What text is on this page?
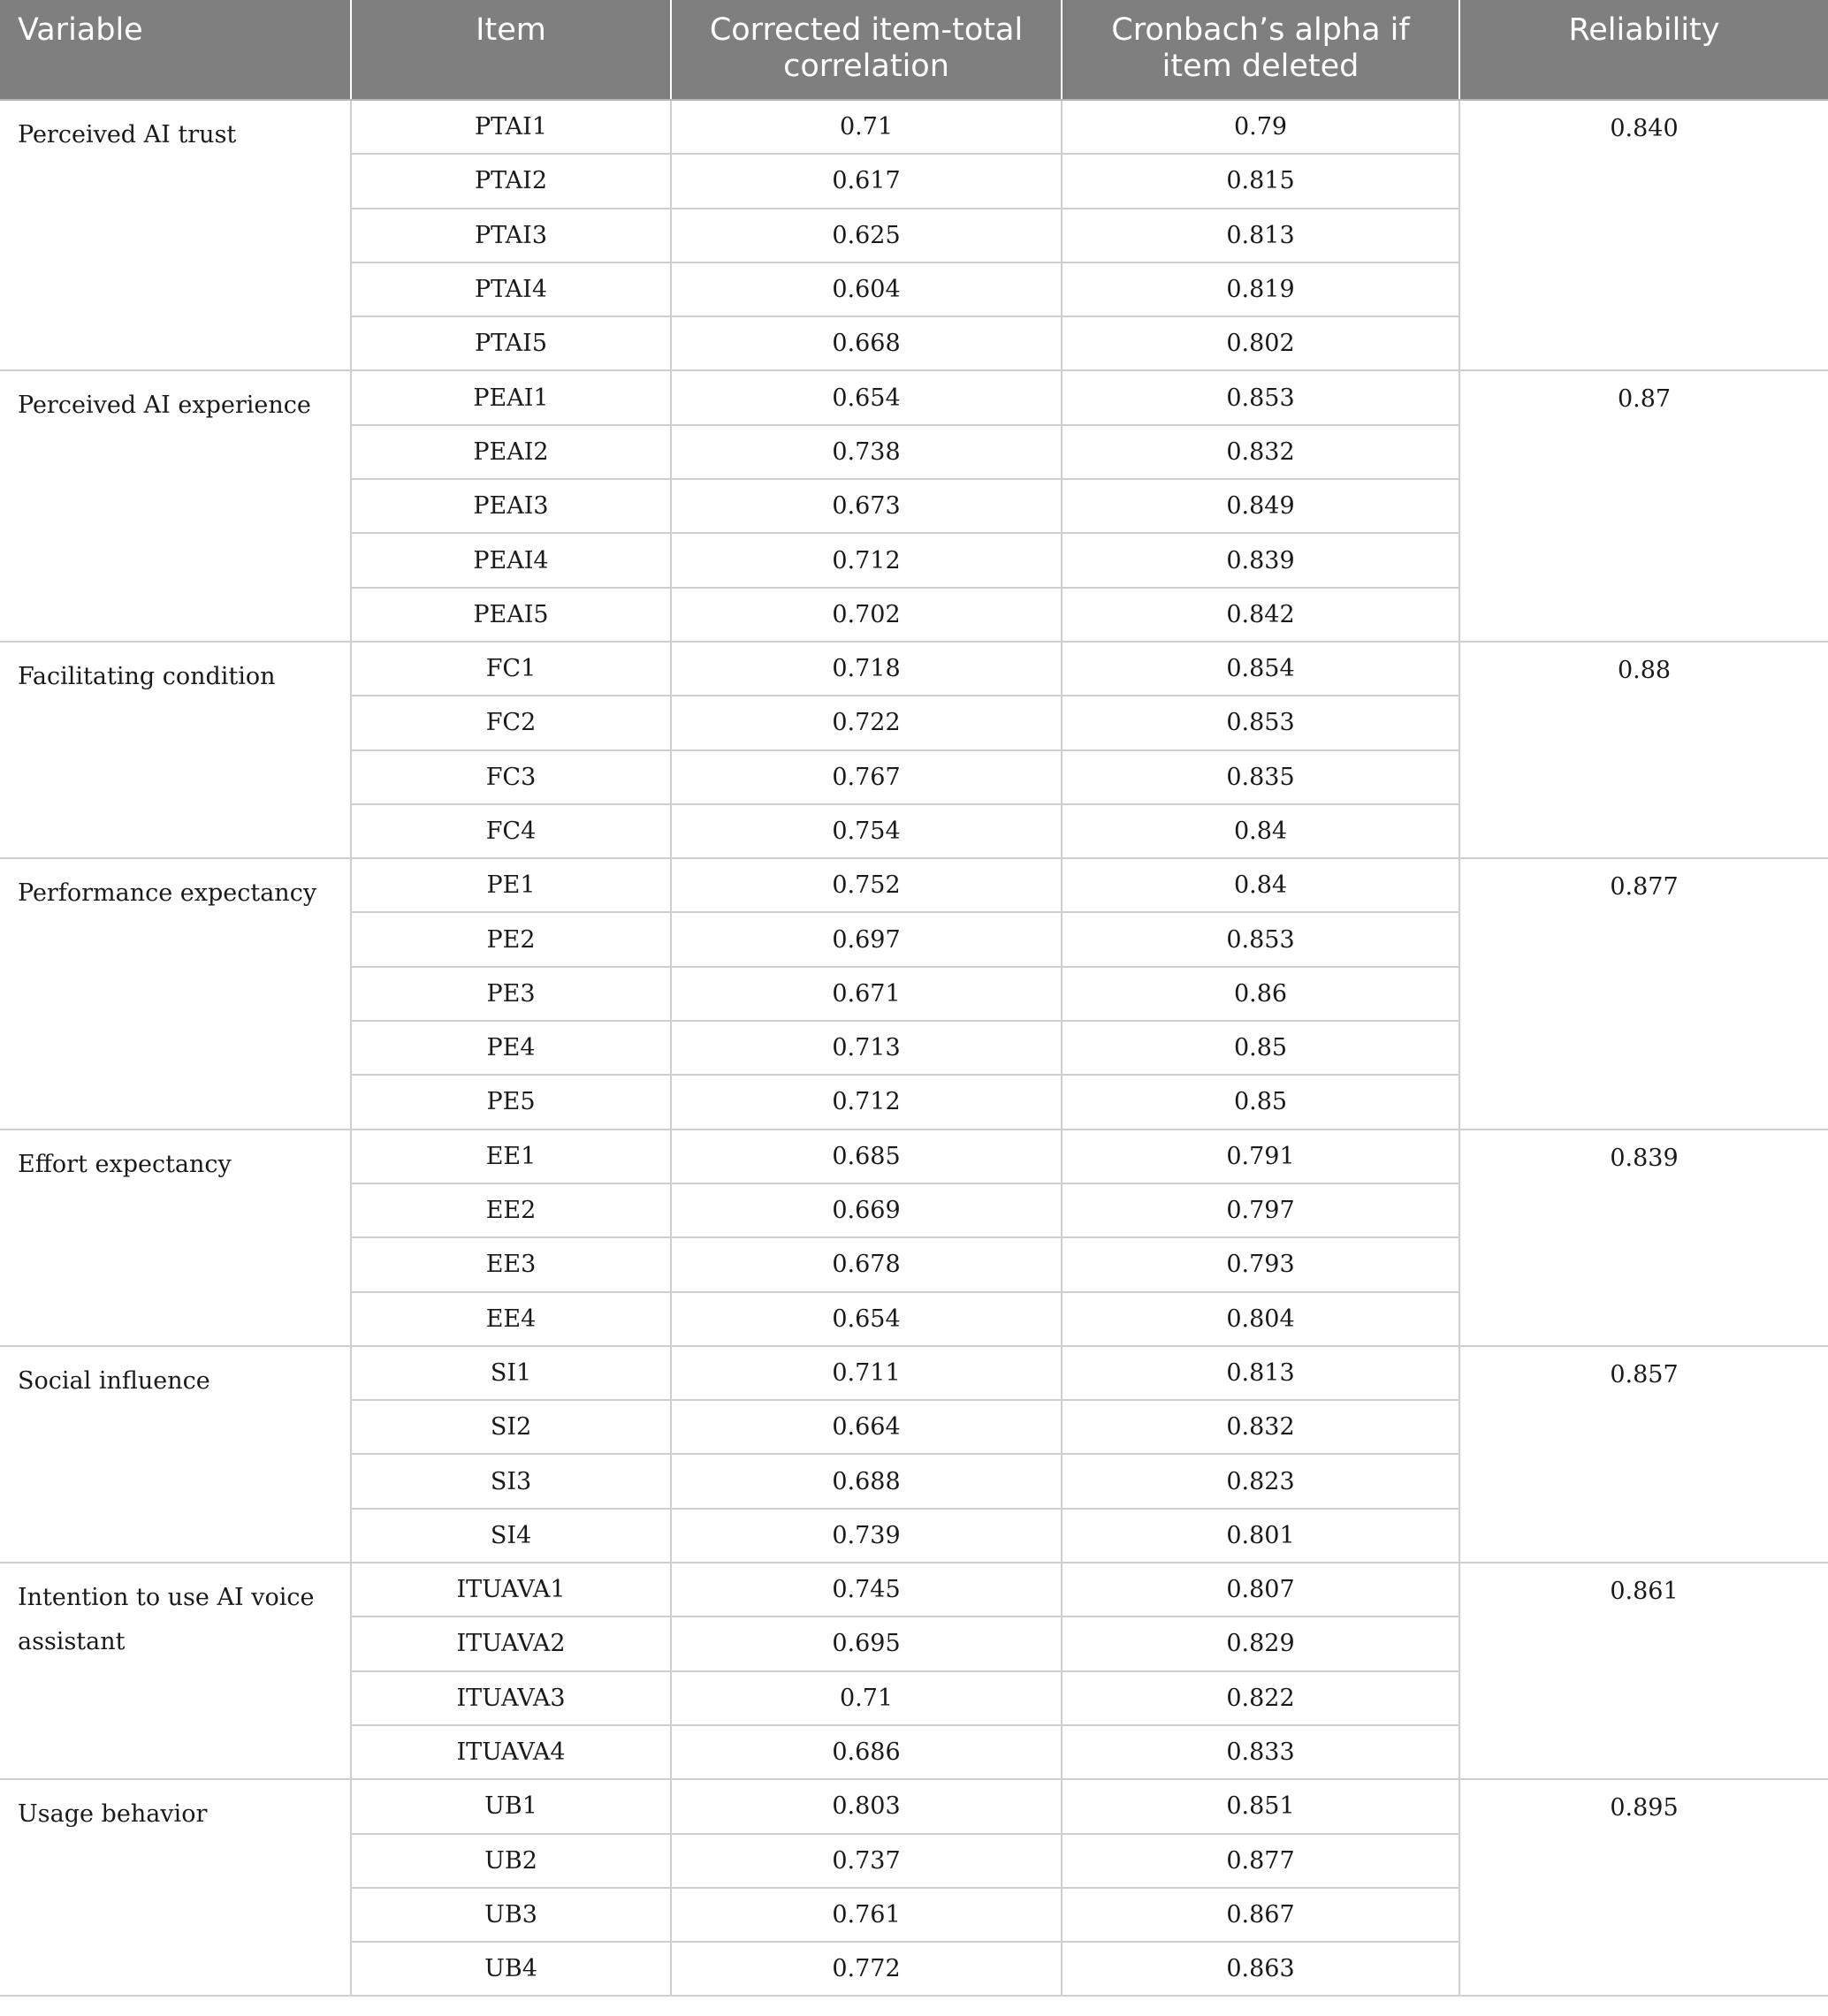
Variable	Item	Corrected item-total correlation	Cronbach’s alpha if item deleted	Reliability
Perceived AI trust	PTAI1	0.71	0.79	0.840
	PTAI2	0.617	0.815	
	PTAI3	0.625	0.813	
	PTAI4	0.604	0.819	
	PTAI5	0.668	0.802	
Perceived AI experience	PEAI1	0.654	0.853	0.87
	PEAI2	0.738	0.832	
	PEAI3	0.673	0.849	
	PEAI4	0.712	0.839	
	PEAI5	0.702	0.842	
Facilitating condition	FC1	0.718	0.854	0.88
	FC2	0.722	0.853	
	FC3	0.767	0.835	
	FC4	0.754	0.84	
Performance expectancy	PE1	0.752	0.84	0.877
	PE2	0.697	0.853	
	PE3	0.671	0.86	
	PE4	0.713	0.85	
	PE5	0.712	0.85	
Effort expectancy	EE1	0.685	0.791	0.839
	EE2	0.669	0.797	
	EE3	0.678	0.793	
	EE4	0.654	0.804	
Social influence	SI1	0.711	0.813	0.857
	SI2	0.664	0.832	
	SI3	0.688	0.823	
	SI4	0.739	0.801	
Intention to use AI voice assistant	ITUAVA1	0.745	0.807	0.861
	ITUAVA2	0.695	0.829	
	ITUAVA3	0.71	0.822	
	ITUAVA4	0.686	0.833	
Usage behavior	UB1	0.803	0.851	0.895
	UB2	0.737	0.877	
	UB3	0.761	0.867	
	UB4	0.772	0.863	
